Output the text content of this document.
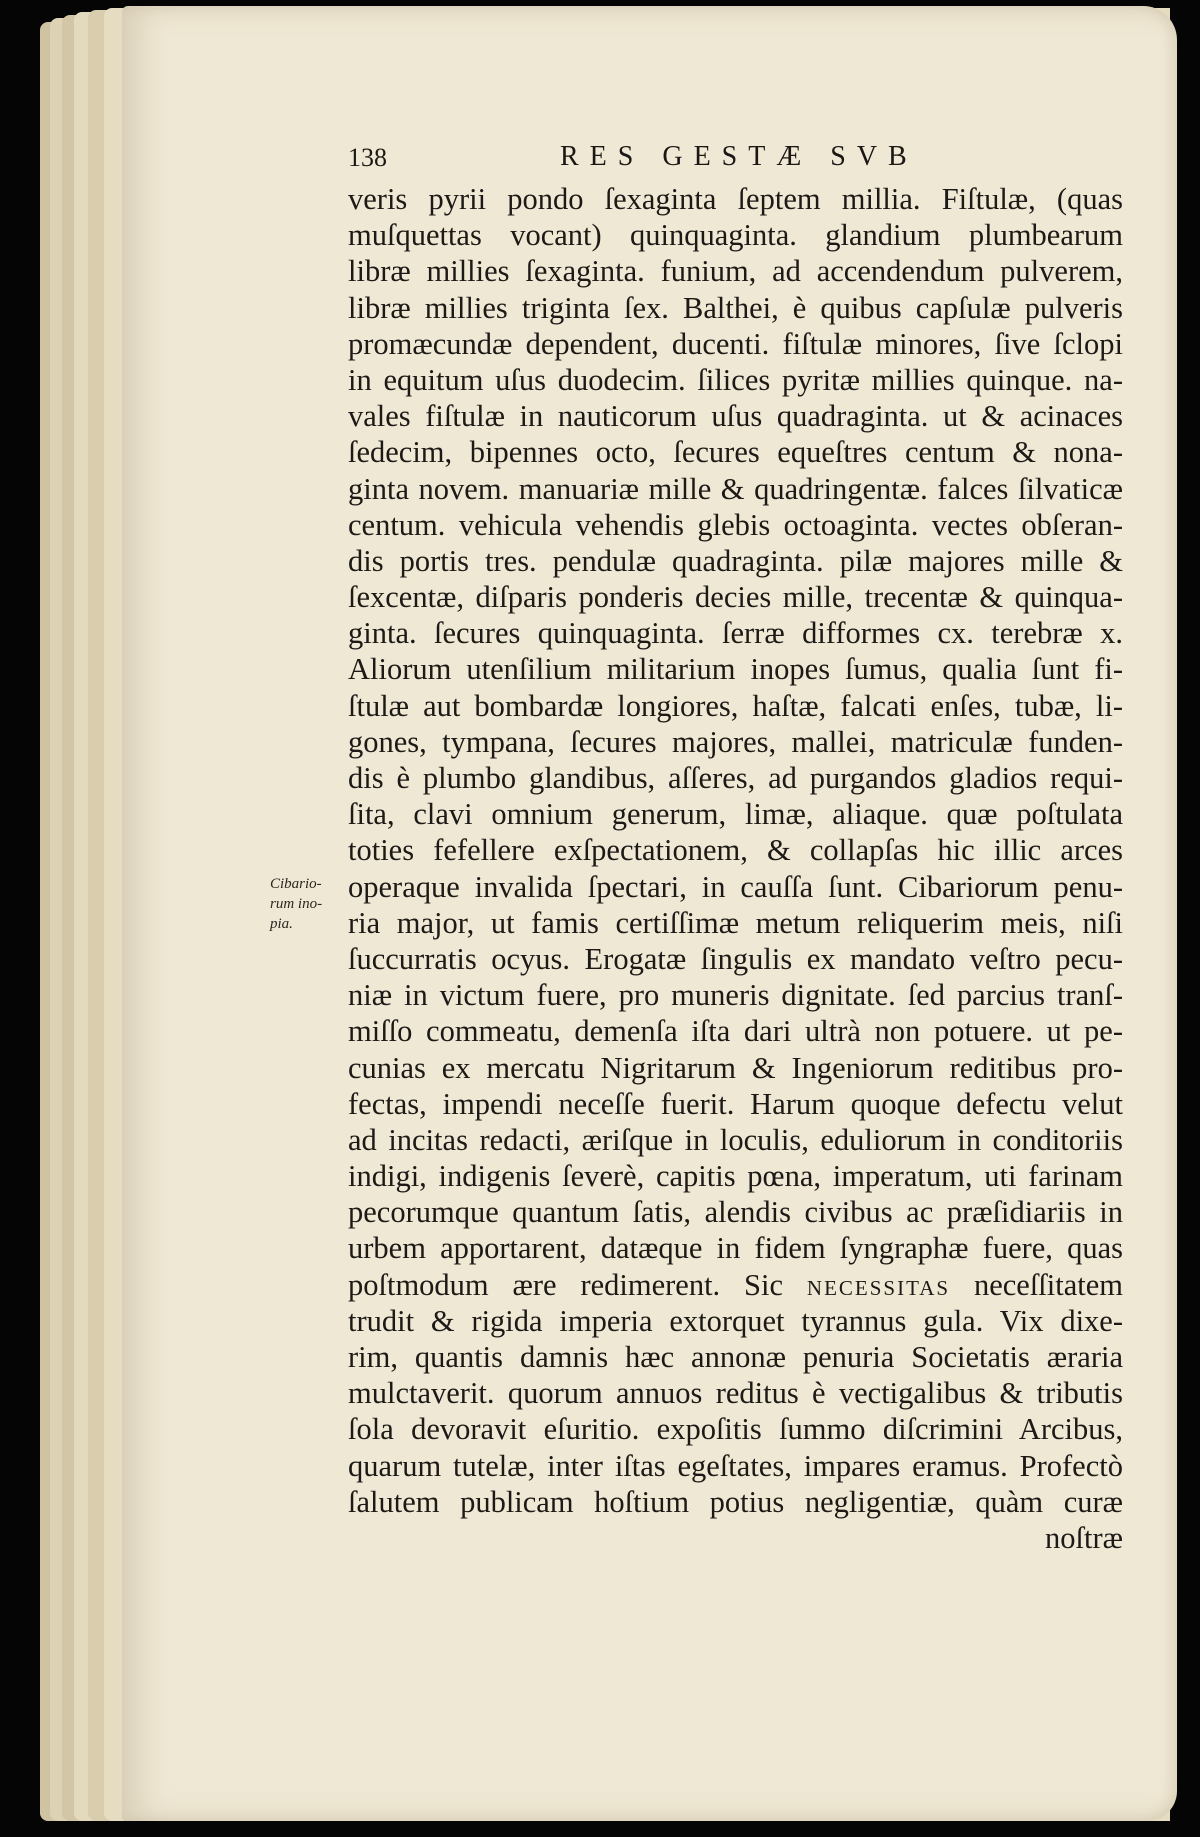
138	RES GESTÆ SVB
Cibario-
rum ino-
pia.
veris pyrii pondo ſexaginta ſeptem millia. Fiſtulæ, (quas
muſquettas vocant) quinquaginta. glandium plumbearum
libræ millies ſexaginta. funium, ad accendendum pulverem,
libræ millies triginta ſex. Balthei, è quibus capſulæ pulveris
promæcundæ dependent, ducenti. fiſtulæ minores, ſive ſclopi
in equitum uſus duodecim. ſilices pyritæ millies quinque. na-
vales fiſtulæ in nauticorum uſus quadraginta. ut & acinaces
ſedecim, bipennes octo, ſecures equeſtres centum & nona-
ginta novem. manuariæ mille & quadringentæ. falces ſilvaticæ
centum. vehicula vehendis glebis octoaginta. vectes obſeran-
dis portis tres. pendulæ quadraginta. pilæ majores mille &
ſexcentæ, diſparis ponderis decies mille, trecentæ & quinqua-
ginta. ſecures quinquaginta. ſerræ difformes cx. terebræ x.
Aliorum utenſilium militarium inopes ſumus, qualia ſunt fi-
ſtulæ aut bombardæ longiores, haſtæ, falcati enſes, tubæ, li-
gones, tympana, ſecures majores, mallei, matriculæ funden-
dis è plumbo glandibus, aſſeres, ad purgandos gladios requi-
ſita, clavi omnium generum, limæ, aliaque. quæ poſtulata
toties fefellere exſpectationem, & collapſas hic illic arces
operaque invalida ſpectari, in cauſſa ſunt. Cibariorum penu-
ria major, ut famis certiſſimæ metum reliquerim meis, niſi
ſuccurratis ocyus. Erogatæ ſingulis ex mandato veſtro pecu-
niæ in victum fuere, pro muneris dignitate. ſed parcius tranſ-
miſſo commeatu, demenſa iſta dari ultrà non potuere. ut pe-
cunias ex mercatu Nigritarum & Ingeniorum reditibus pro-
fectas, impendi neceſſe fuerit. Harum quoque defectu velut
ad incitas redacti, æriſque in loculis, eduliorum in conditoriis
indigi, indigenis ſeverè, capitis pœna, imperatum, uti farinam
pecorumque quantum ſatis, alendis civibus ac præſidiariis in
urbem apportarent, datæque in fidem ſyngraphæ fuere, quas
poſtmodum ære redimerent. Sic necessitas neceſſitatem
trudit & rigida imperia extorquet tyrannus gula. Vix dixe-
rim, quantis damnis hæc annonæ penuria Societatis æraria
mulctaverit. quorum annuos reditus è vectigalibus & tributis
ſola devoravit eſuritio. expoſitis ſummo diſcrimini Arcibus,
quarum tutelæ, inter iſtas egeſtates, impares eramus. Profectò
ſalutem publicam hoſtium potius negligentiæ, quàm curæ
noſtræ
